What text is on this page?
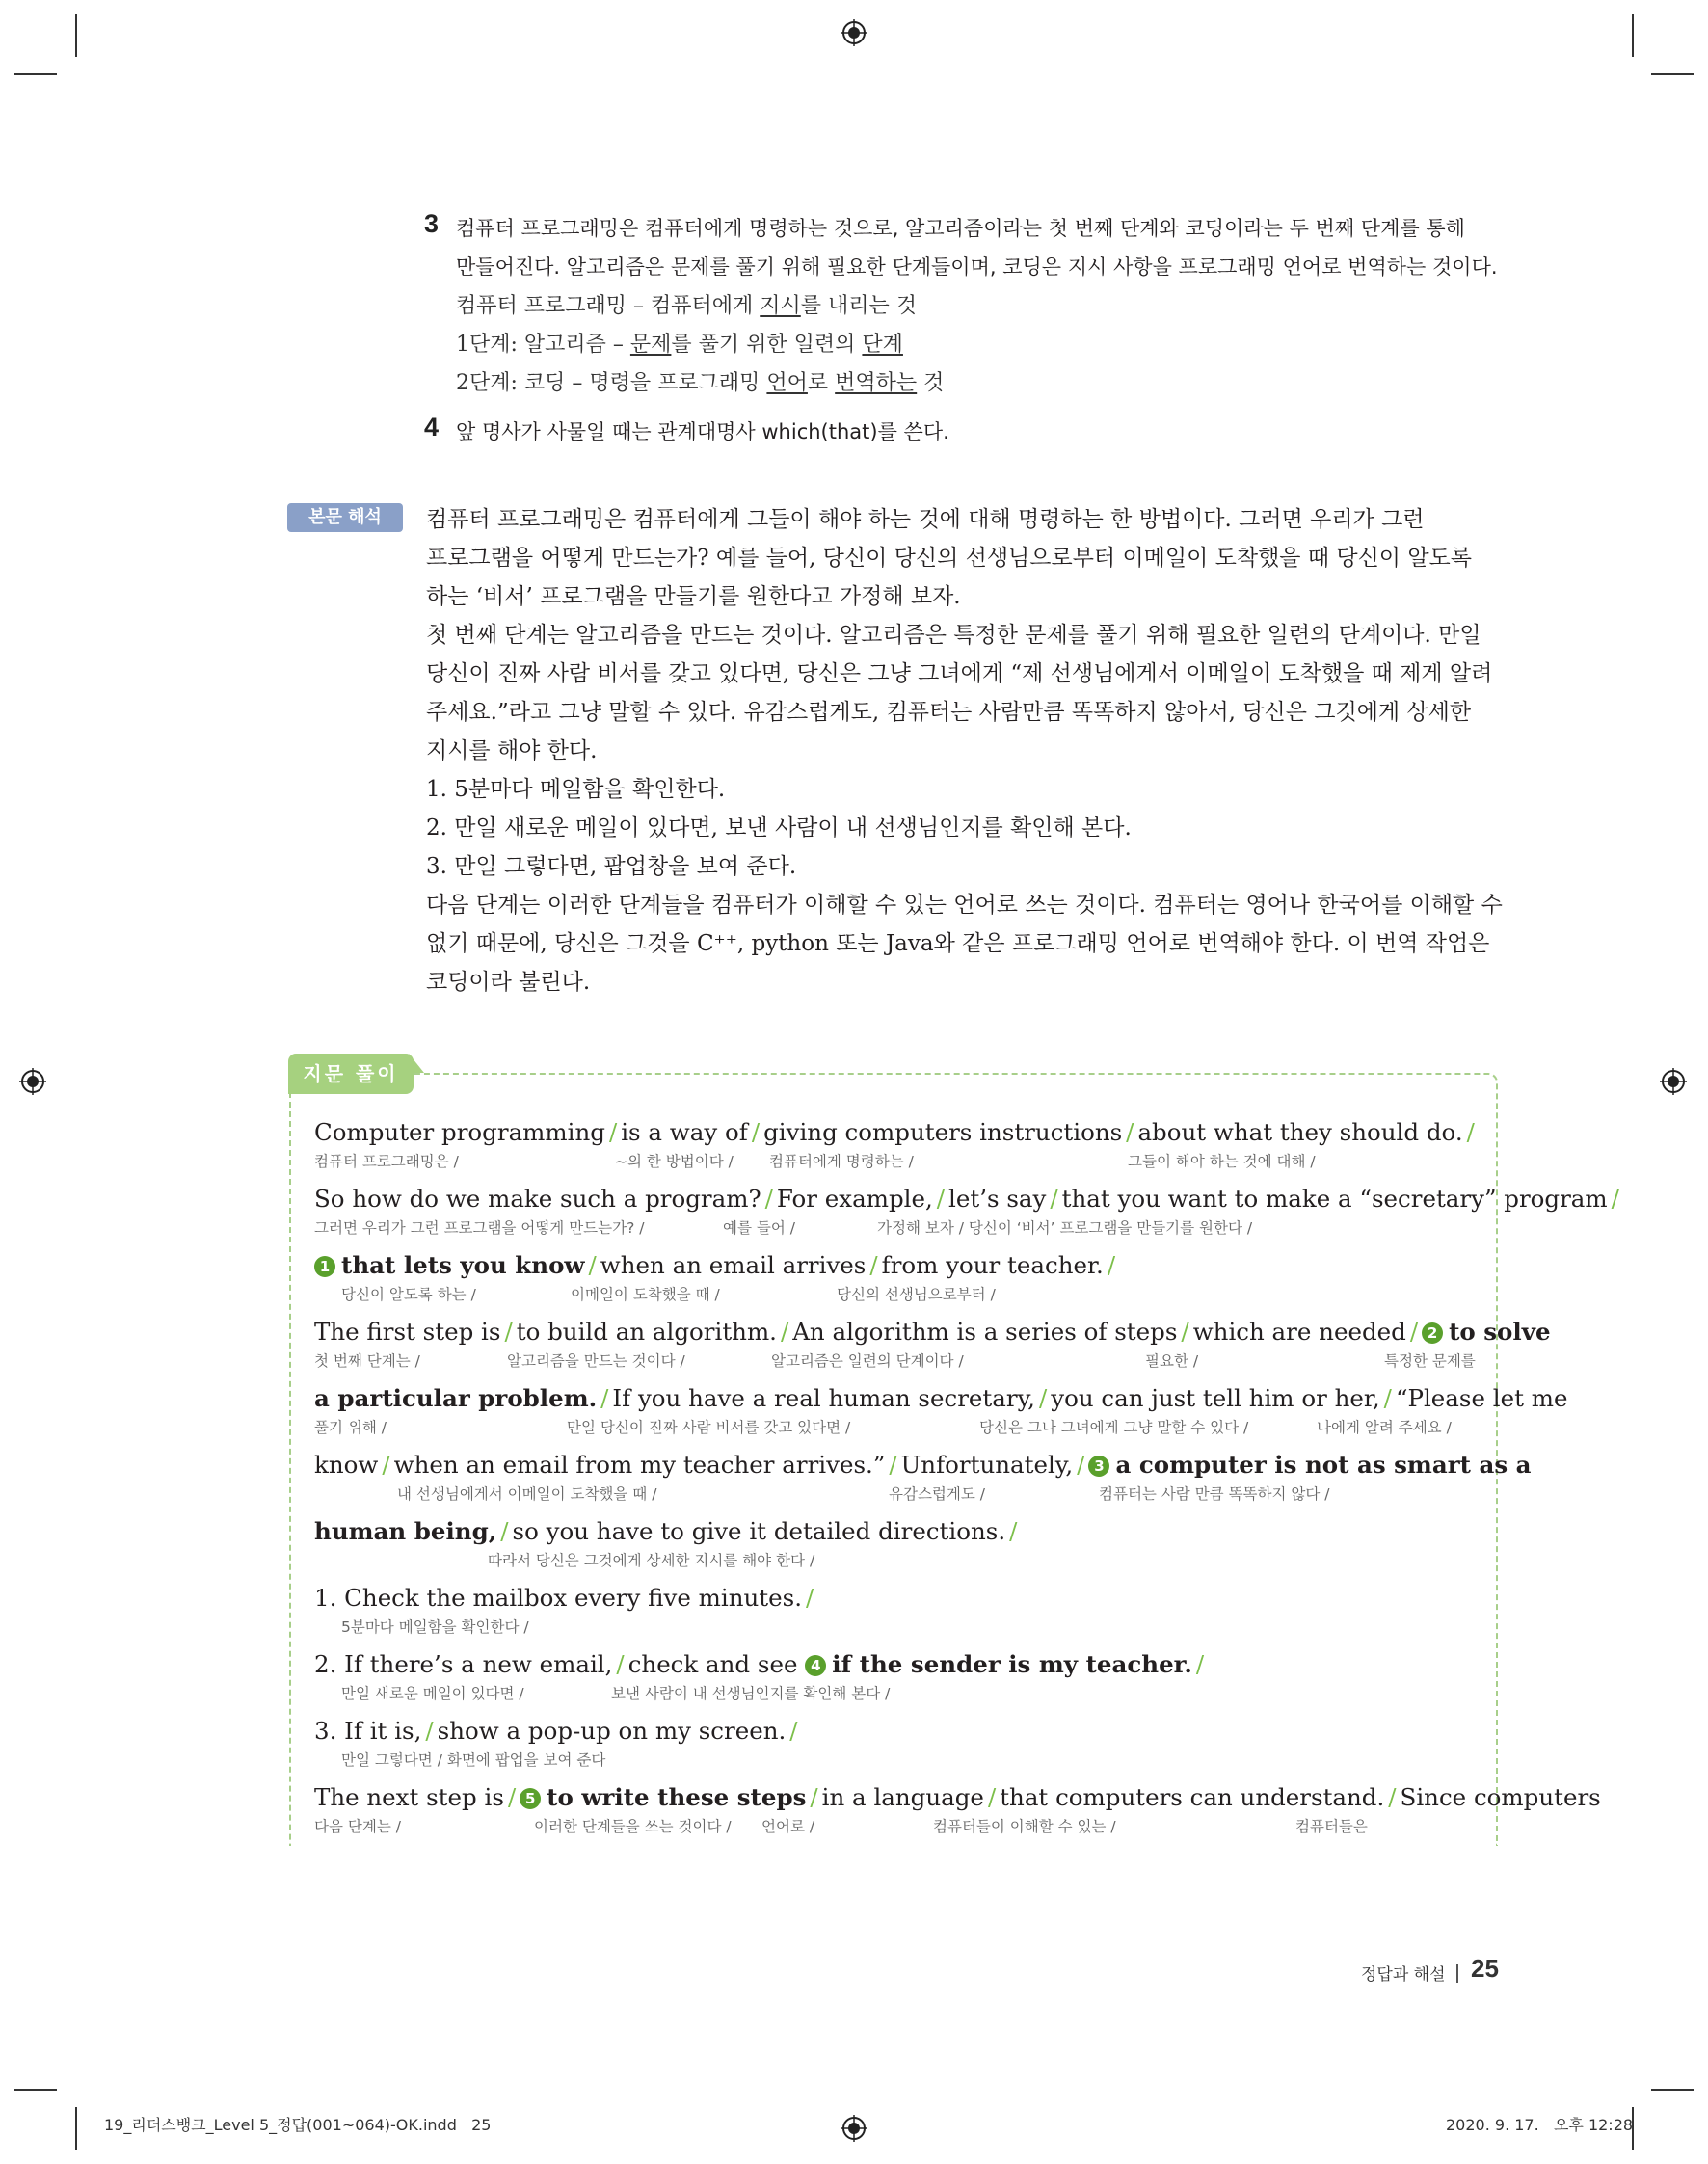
3 컴퓨터 프로그래밍은 컴퓨터에게 명령하는 것으로, 알고리즘이라는 첫 번째 단계와 코딩이라는 두 번째 단계를 통해
만들어진다. 알고리즘은 문제를 풀기 위해 필요한 단계들이며, 코딩은 지시 사항을 프로그래밍 언어로 번역하는 것이다.
컴퓨터 프로그래밍 – 컴퓨터에게 지시를 내리는 것
1단계: 알고리즘 – 문제를 풀기 위한 일련의 단계
2단계: 코딩 – 명령을 프로그래밍 언어로 번역하는 것
4 앞 명사가 사물일 때는 관계대명사 which(that)를 쓴다.
본문 해석	컴퓨터 프로그래밍은 컴퓨터에게 그들이 해야 하는 것에 대해 명령하는 한 방법이다. 그러면 우리가 그런
프로그램을 어떻게 만드는가? 예를 들어, 당신이 당신의 선생님으로부터 이메일이 도착했을 때 당신이 알도록
하는 ‘비서’ 프로그램을 만들기를 원한다고 가정해 보자.
첫 번째 단계는 알고리즘을 만드는 것이다. 알고리즘은 특정한 문제를 풀기 위해 필요한 일련의 단계이다. 만일
당신이 진짜 사람 비서를 갖고 있다면, 당신은 그냥 그녀에게 “제 선생님에게서 이메일이 도착했을 때 제게 알려
주세요.”라고 그냥 말할 수 있다. 유감스럽게도, 컴퓨터는 사람만큼 똑똑하지 않아서, 당신은 그것에게 상세한
지시를 해야 한다.
1. 5분마다 메일함을 확인한다.
2. 만일 새로운 메일이 있다면, 보낸 사람이 내 선생님인지를 확인해 본다.
3. 만일 그렇다면, 팝업창을 보여 준다.
다음 단계는 이러한 단계들을 컴퓨터가 이해할 수 있는 언어로 쓰는 것이다. 컴퓨터는 영어나 한국어를 이해할 수
없기 때문에, 당신은 그것을 C⁺⁺, python 또는 Java와 같은 프로그래밍 언어로 번역해야 한다. 이 번역 작업은
코딩이라 불린다.
지문 풀이
Computer programming / is a way of / giving computers instructions / about what they should do. /
컴퓨터 프로그래밍은 /	~의 한 방법이다 / 컴퓨터에게 명령하는 /	그들이 해야 하는 것에 대해 /
So how do we make such a program? / For example, / let’s say / that you want to make a “secretary” program /
그러면 우리가 그런 프로그램을 어떻게 만드는가? /	예를 들어 /	가정해 보자 / 당신이 ‘비서’ 프로그램을 만들기를 원한다 /
1 that lets you know / when an email arrives / from your teacher. /
당신이 알도록 하는 /	이메일이 도착했을 때 /	당신의 선생님으로부터 /
The first step is / to build an algorithm. / An algorithm is a series of steps / which are needed / 2 to solve
첫 번째 단계는 /	알고리즘을 만드는 것이다 /	알고리즘은 일련의 단계이다 /	필요한 /	특정한 문제를
a particular problem. / If you have a real human secretary, / you can just tell him or her, / “Please let me
풀기 위해 /	만일 당신이 진짜 사람 비서를 갖고 있다면 /	당신은 그나 그녀에게 그냥 말할 수 있다 /	나에게 알려 주세요 /
know / when an email from my teacher arrives.” / Unfortunately, / 3 a computer is not as smart as a
내 선생님에게서 이메일이 도착했을 때 /	유감스럽게도 /	컴퓨터는 사람 만큼 똑똑하지 않다 /
human being, / so you have to give it detailed directions. /
따라서 당신은 그것에게 상세한 지시를 해야 한다 /
1. Check the mailbox every five minutes. /
5분마다 메일함을 확인한다 /
2. If there’s a new email, / check and see 4 if the sender is my teacher. /
만일 새로운 메일이 있다면 /	보낸 사람이 내 선생님인지를 확인해 본다 /
3. If it is, / show a pop-up on my screen. /
만일 그렇다면 / 화면에 팝업을 보여 준다
The next step is / 5 to write these steps / in a language / that computers can understand. / Since computers
다음 단계는 /	이러한 단계들을 쓰는 것이다 / 언어로 /	컴퓨터들이 이해할 수 있는 /	컴퓨터들은
정답과 해설 25
19_리더스뱅크_Level 5_정답(001~064)-OK.indd   25	2020. 9. 17.   오후 12:28
